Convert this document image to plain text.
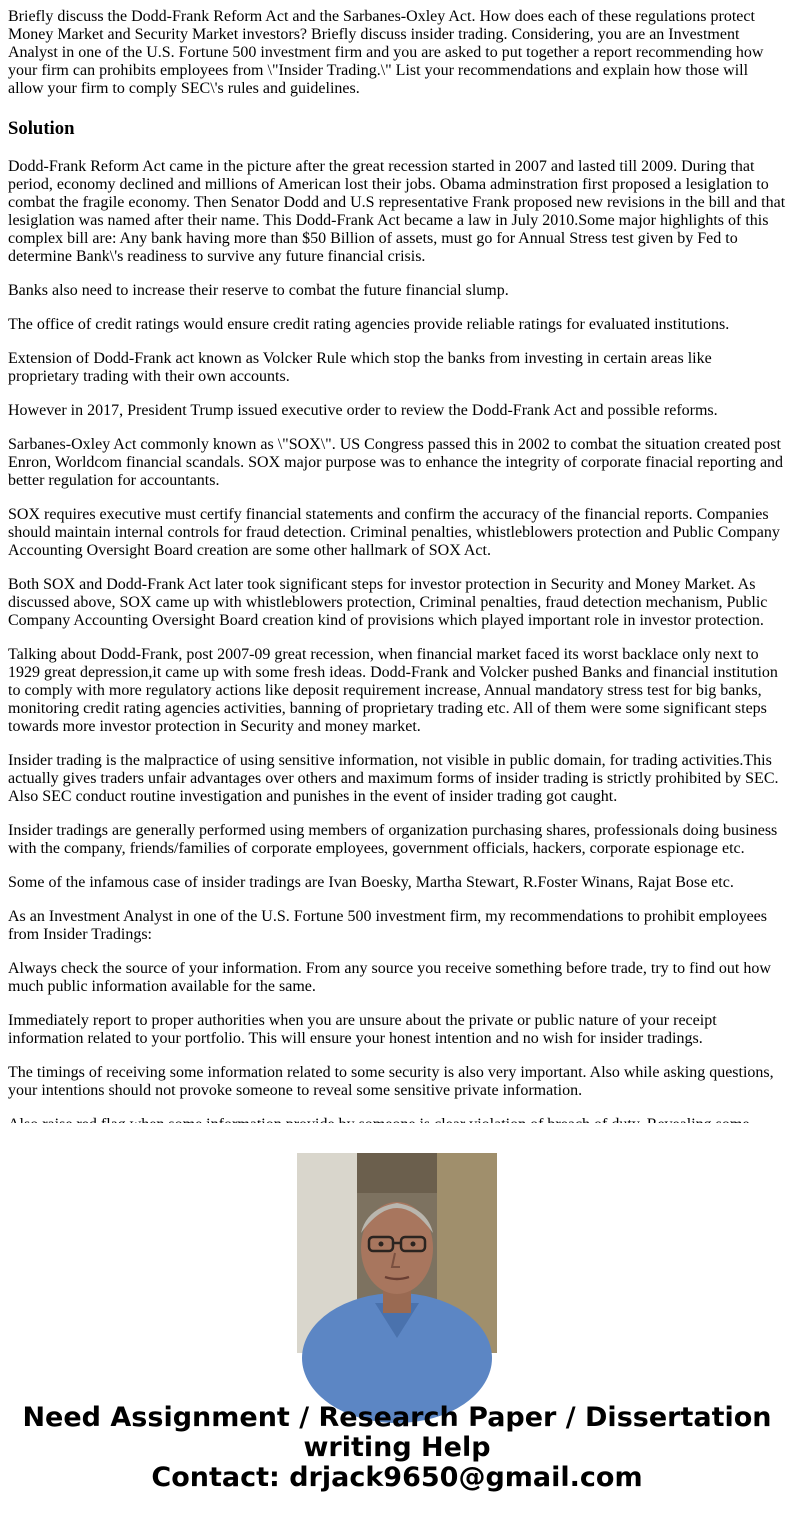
Briefly discuss the Dodd-Frank Reform Act and the Sarbanes-Oxley Act. How does each of these regulations protect Money Market and Security Market investors? Briefly discuss insider trading. Considering, you are an Investment Analyst in one of the U.S. Fortune 500 investment firm and you are asked to put together a report recommending how your firm can prohibits employees from \"Insider Trading.\" List your recommendations and explain how those will allow your firm to comply SEC\'s rules and guidelines.
Solution

Dodd-Frank Reform Act came in the picture after the great recession started in 2007 and lasted till 2009. During that period, economy declined and millions of American lost their jobs. Obama adminstration first proposed a lesiglation to combat the fragile economy. Then Senator Dodd and U.S representative Frank proposed new revisions in the bill and that lesiglation was named after their name. This Dodd-Frank Act became a law in July 2010.Some major highlights of this complex bill are: Any bank having more than $50 Billion of assets, must go for Annual Stress test given by Fed to determine Bank\'s readiness to survive any future financial crisis.

Banks also need to increase their reserve to combat the future financial slump.

The office of credit ratings would ensure credit rating agencies provide reliable ratings for evaluated institutions.

Extension of Dodd-Frank act known as Volcker Rule which stop the banks from investing in certain areas like proprietary trading with their own accounts.

However in 2017, President Trump issued executive order to review the Dodd-Frank Act and possible reforms.

Sarbanes-Oxley Act commonly known as \"SOX\". US Congress passed this in 2002 to combat the situation created post Enron, Worldcom financial scandals. SOX major purpose was to enhance the integrity of corporate finacial reporting and better regulation for accountants.

SOX requires executive must certify financial statements and confirm the accuracy of the financial reports. Companies should maintain internal controls for fraud detection. Criminal penalties, whistleblowers protection and Public Company Accounting Oversight Board creation are some other hallmark of SOX Act.

Both SOX and Dodd-Frank Act later took significant steps for investor protection in Security and Money Market. As discussed above, SOX came up with whistleblowers protection, Criminal penalties, fraud detection mechanism, Public Company Accounting Oversight Board creation kind of provisions which played important role in investor protection.

Talking about Dodd-Frank, post 2007-09 great recession, when financial market faced its worst backlace only next to 1929 great depression,it came up with some fresh ideas. Dodd-Frank and Volcker pushed Banks and financial institution to comply with more regulatory actions like deposit requirement increase, Annual mandatory stress test for big banks, monitoring credit rating agencies activities, banning of proprietary trading etc. All of them were some significant steps towards more investor protection in Security and money market.

Insider trading is the malpractice of using sensitive information, not visible in public domain, for trading activities.This actually gives traders unfair advantages over others and maximum forms of insider trading is strictly prohibited by SEC. Also SEC conduct routine investigation and punishes in the event of insider trading got caught.

Insider tradings are generally performed using members of organization purchasing shares, professionals doing business with the company, friends/families of corporate employees, government officials, hackers, corporate espionage etc.

Some of the infamous case of insider tradings are Ivan Boesky, Martha Stewart, R.Foster Winans, Rajat Bose etc.

As an Investment Analyst in one of the U.S. Fortune 500 investment firm, my recommendations to prohibit employees from Insider Tradings:

Always check the source of your information. From any source you receive something before trade, try to find out how much public information available for the same.

Immediately report to proper authorities when you are unsure about the private or public nature of your receipt information related to your portfolio. This will ensure your honest intention and no wish for insider tradings.

The timings of receiving some information related to some security is also very important. Also while asking questions, your intentions should not provoke someone to reveal some sensitive private information.

Need Assignment / Research Paper / Dissertation
writing Help
Contact: drjack9650@gmail.com
